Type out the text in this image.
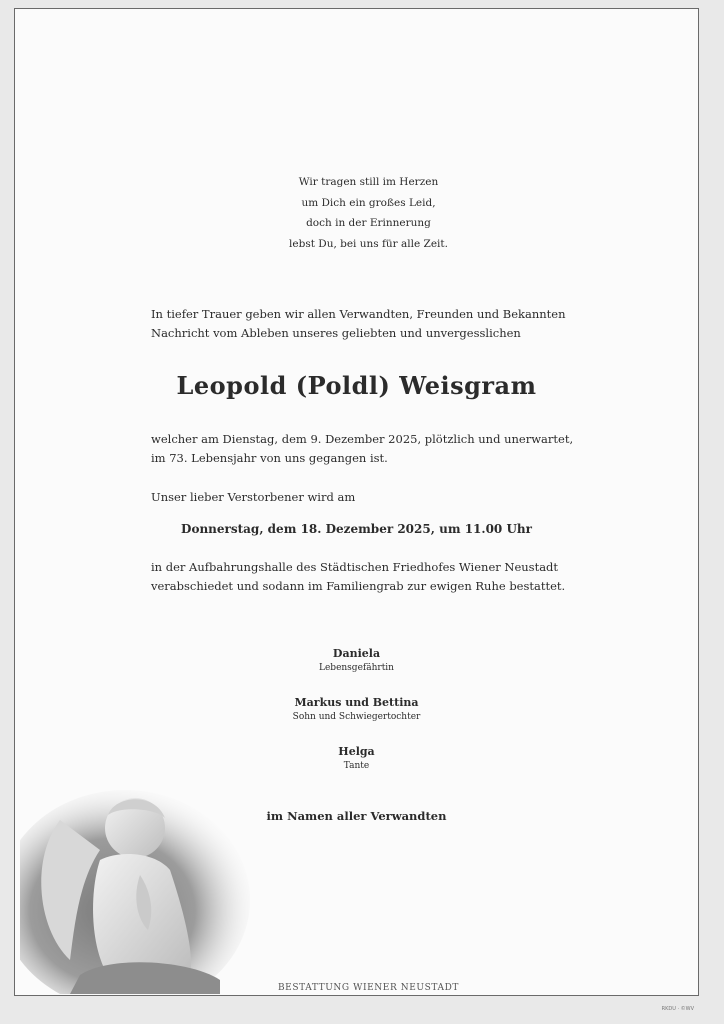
Wir tragen still im Herzen
um Dich ein großes Leid,
doch in der Erinnerung
lebst Du, bei uns für alle Zeit.
In tiefer Trauer geben wir allen Verwandten, Freunden und Bekannten
Nachricht vom Ableben unseres geliebten und unvergesslichen
Leopold (Poldl) Weisgram
welcher am Dienstag, dem 9. Dezember 2025, plötzlich und unerwartet,
im 73. Lebensjahr von uns gegangen ist.
Unser lieber Verstorbener wird am
Donnerstag, dem 18. Dezember 2025, um 11.00 Uhr
in der Aufbahrungshalle des Städtischen Friedhofes Wiener Neustadt
verabschiedet und sodann im Familiengrab zur ewigen Ruhe bestattet.
Daniela
Lebensgefährtin
Markus und Bettina
Sohn und Schwiegertochter
Helga
Tante
im Namen aller Verwandten
BESTATTUNG WIENER NEUSTADT
RKDU · ©WV
